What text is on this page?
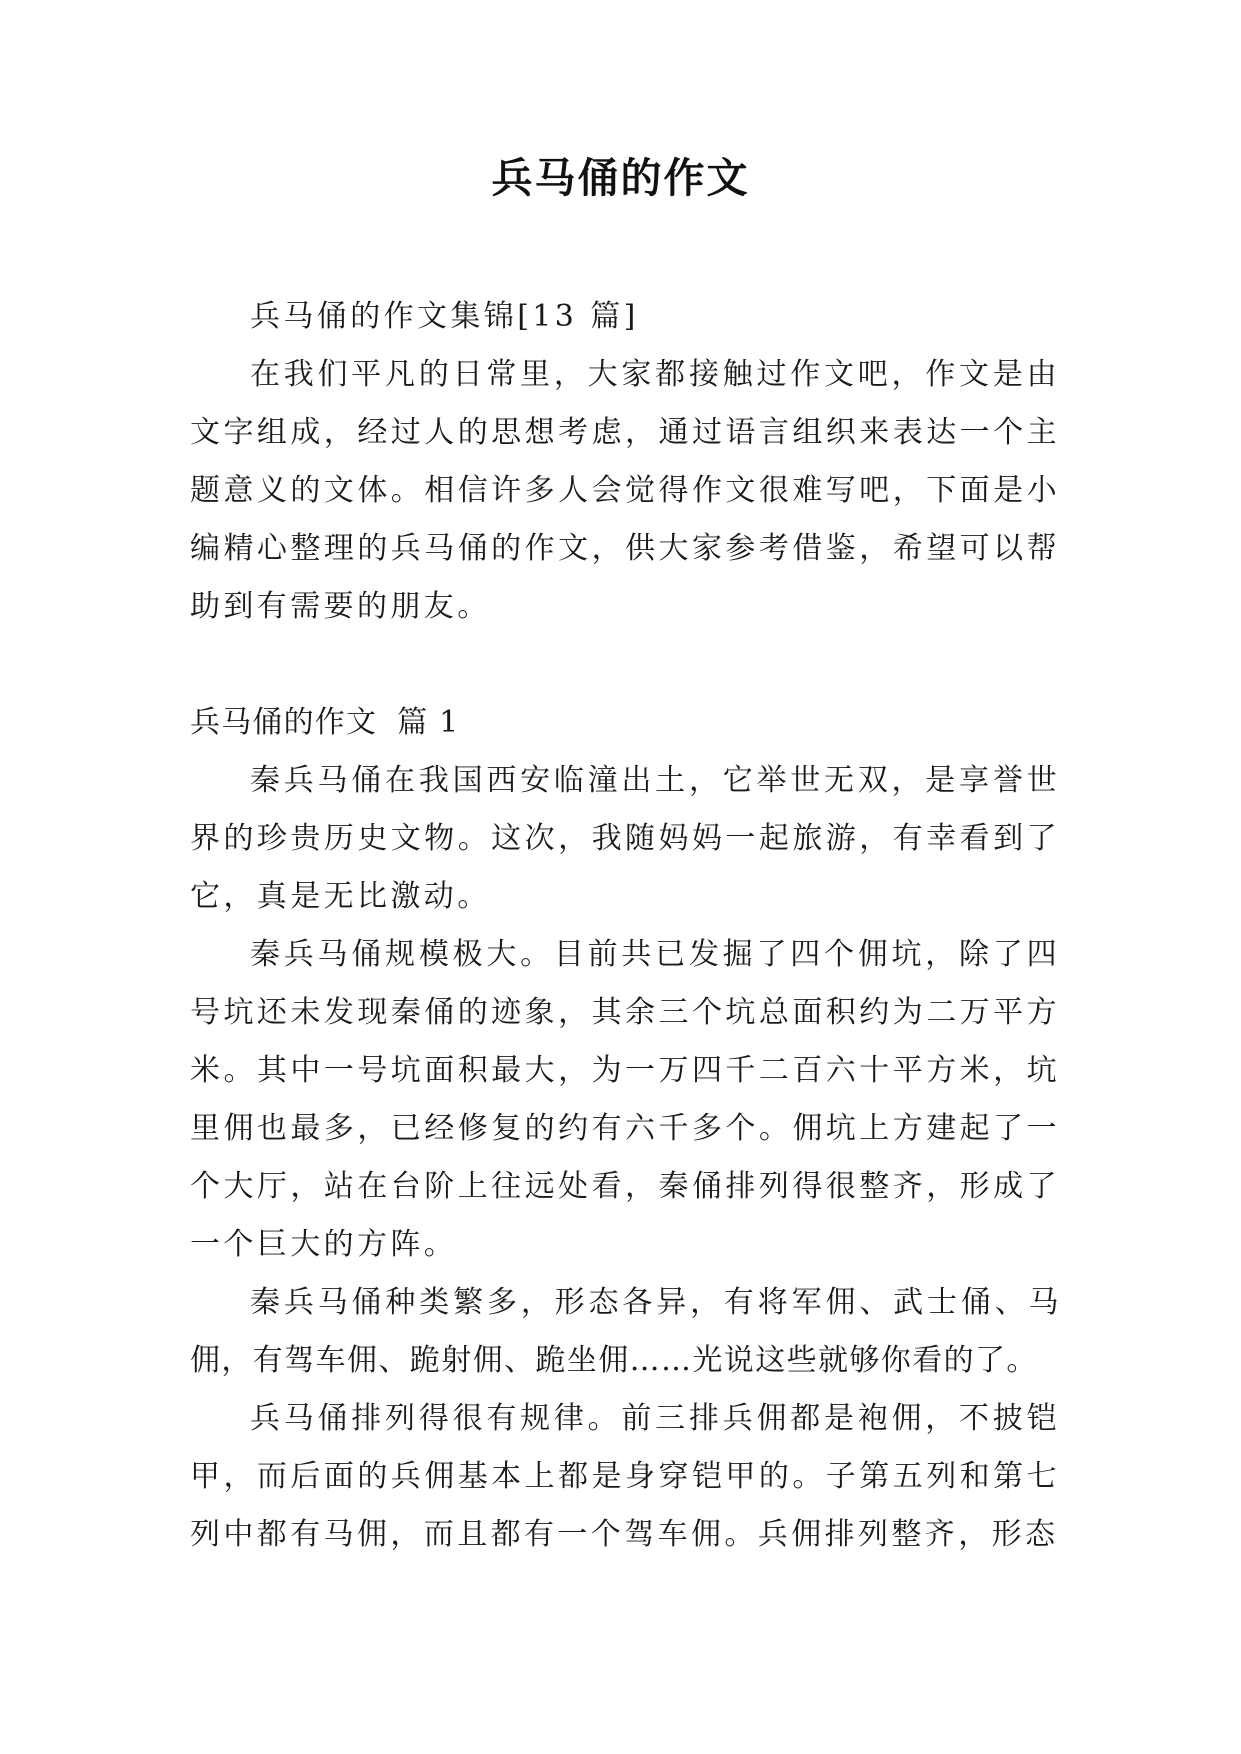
兵马俑的作文

兵马俑的作文集锦[13 篇]

在我们平凡的日常里，大家都接触过作文吧，作文是由文字组成，经过人的思想考虑，通过语言组织来表达一个主题意义的文体。相信许多人会觉得作文很难写吧，下面是小编精心整理的兵马俑的作文，供大家参考借鉴，希望可以帮助到有需要的朋友。

兵马俑的作文 篇 1

秦兵马俑在我国西安临潼出土，它举世无双，是享誉世界的珍贵历史文物。这次，我随妈妈一起旅游，有幸看到了它，真是无比激动。

秦兵马俑规模极大。目前共已发掘了四个佣坑，除了四号坑还未发现秦俑的迹象，其余三个坑总面积约为二万平方米。其中一号坑面积最大，为一万四千二百六十平方米，坑里佣也最多，已经修复的约有六千多个。佣坑上方建起了一个大厅，站在台阶上往远处看，秦俑排列得很整齐，形成了一个巨大的方阵。

秦兵马俑种类繁多，形态各异，有将军佣、武士俑、马佣，有驾车佣、跪射佣、跪坐佣……光说这些就够你看的了。

兵马俑排列得很有规律。前三排兵佣都是袍佣，不披铠甲，而后面的兵佣基本上都是身穿铠甲的。子第五列和第七列中都有马佣，而且都有一个驾车佣。兵佣排列整齐，形态
